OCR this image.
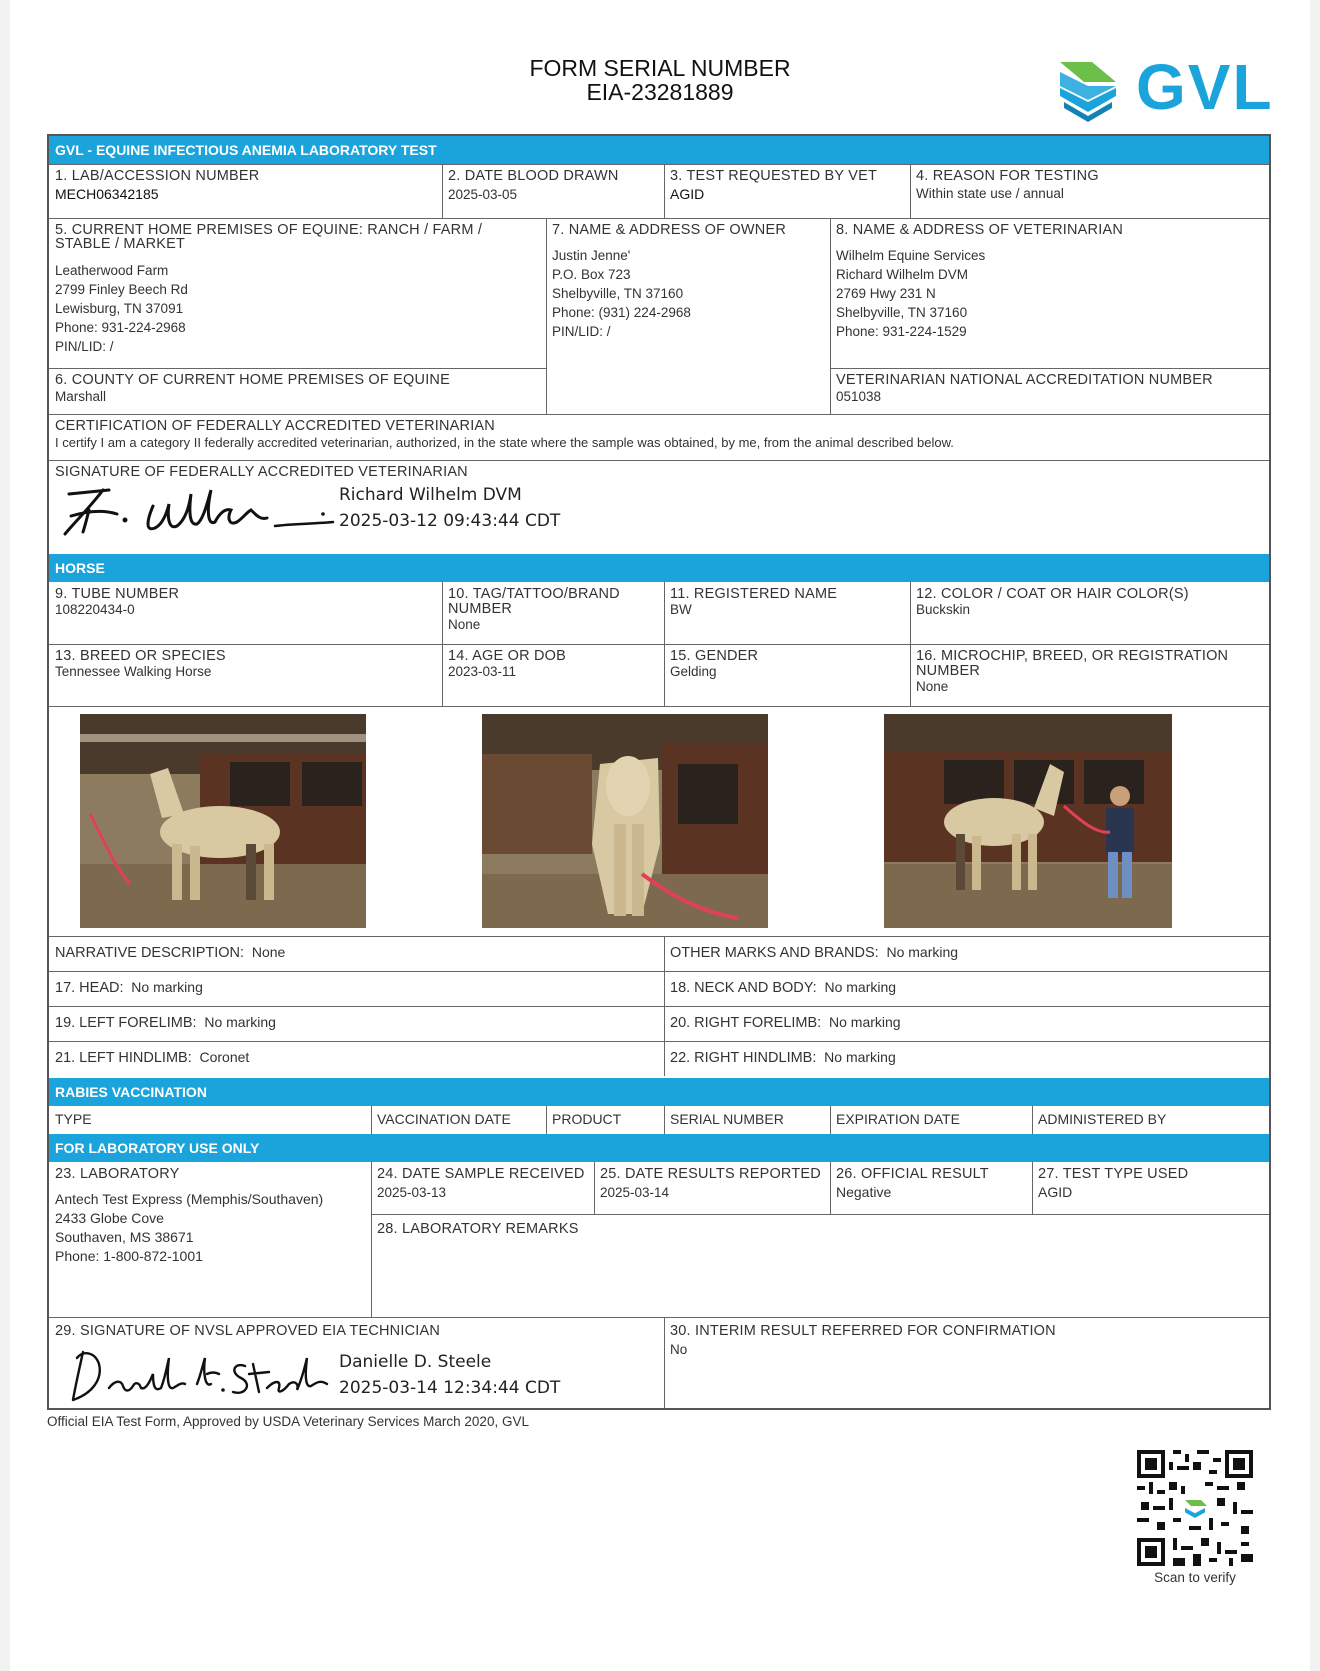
FORM SERIAL NUMBER
EIA-23281889	GVL
GVL - EQUINE INFECTIOUS ANEMIA LABORATORY TEST
1. LAB/ACCESSION NUMBER
MECH06342185
2. DATE BLOOD DRAWN
2025-03-05
3. TEST REQUESTED BY VET
AGID
4. REASON FOR TESTING
Within state use / annual
5. CURRENT HOME PREMISES OF EQUINE: RANCH / FARM / STABLE / MARKET
Leatherwood Farm
2799 Finley Beech Rd
Lewisburg, TN 37091
Phone: 931-224-2968
PIN/LID: /
7. NAME & ADDRESS OF OWNER
Justin Jenne'
P.O. Box 723
Shelbyville, TN 37160
Phone: (931) 224-2968
PIN/LID: /
8. NAME & ADDRESS OF VETERINARIAN
Wilhelm Equine Services
Richard Wilhelm DVM
2769 Hwy 231 N
Shelbyville, TN 37160
Phone: 931-224-1529
6. COUNTY OF CURRENT HOME PREMISES OF EQUINE
Marshall
VETERINARIAN NATIONAL ACCREDITATION NUMBER
051038
CERTIFICATION OF FEDERALLY ACCREDITED VETERINARIAN
I certify I am a category II federally accredited veterinarian, authorized, in the state where the sample was obtained, by me, from the animal described below.
SIGNATURE OF FEDERALLY ACCREDITED VETERINARIAN
Richard Wilhelm DVM
2025-03-12 09:43:44 CDT
HORSE
9. TUBE NUMBER
108220434-0
10. TAG/TATTOO/BRAND NUMBER
None
11. REGISTERED NAME
BW
12. COLOR / COAT OR HAIR COLOR(S)
Buckskin
13. BREED OR SPECIES
Tennessee Walking Horse
14. AGE OR DOB
2023-03-11
15. GENDER
Gelding
16. MICROCHIP, BREED, OR REGISTRATION NUMBER
None
NARRATIVE DESCRIPTION: None	OTHER MARKS AND BRANDS: No marking
17. HEAD: No marking	18. NECK AND BODY: No marking
19. LEFT FORELIMB: No marking	20. RIGHT FORELIMB: No marking
21. LEFT HINDLIMB: Coronet	22. RIGHT HINDLIMB: No marking
RABIES VACCINATION
TYPE	VACCINATION DATE	PRODUCT	SERIAL NUMBER	EXPIRATION DATE	ADMINISTERED BY
FOR LABORATORY USE ONLY
23. LABORATORY
Antech Test Express (Memphis/Southaven)
2433 Globe Cove
Southaven, MS 38671
Phone: 1-800-872-1001
24. DATE SAMPLE RECEIVED
2025-03-13
25. DATE RESULTS REPORTED
2025-03-14
26. OFFICIAL RESULT
Negative
27. TEST TYPE USED
AGID
28. LABORATORY REMARKS
29. SIGNATURE OF NVSL APPROVED EIA TECHNICIAN
Danielle D. Steele
2025-03-14 12:34:44 CDT
30. INTERIM RESULT REFERRED FOR CONFIRMATION
No
Official EIA Test Form, Approved by USDA Veterinary Services March 2020, GVL
Scan to verify
